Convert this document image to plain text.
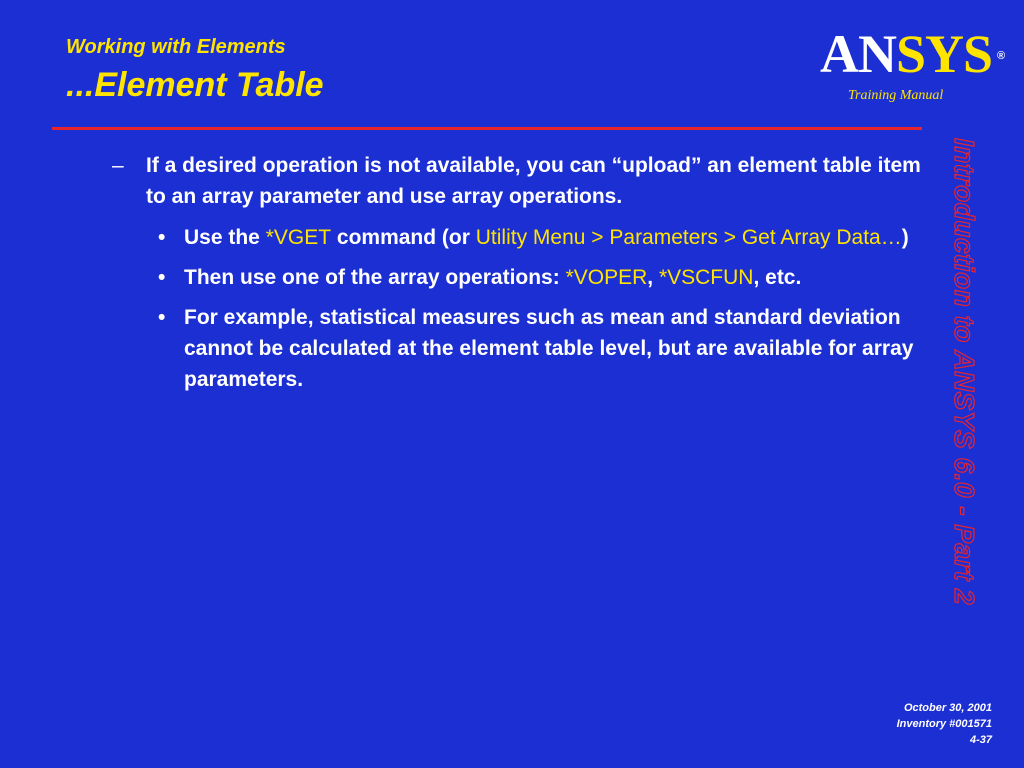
Working with Elements
...Element Table
ANSYS ®
Training Manual
Introduction to ANSYS 6.0 - Part 2
– If a desired operation is not available, you can “upload” an element table item to an array parameter and use array operations.
• Use the *VGET command (or Utility Menu > Parameters > Get Array Data…)
• Then use one of the array operations: *VOPER, *VSCFUN, etc.
• For example, statistical measures such as mean and standard deviation cannot be calculated at the element table level, but are available for array parameters.
October 30, 2001
Inventory #001571
4-37
